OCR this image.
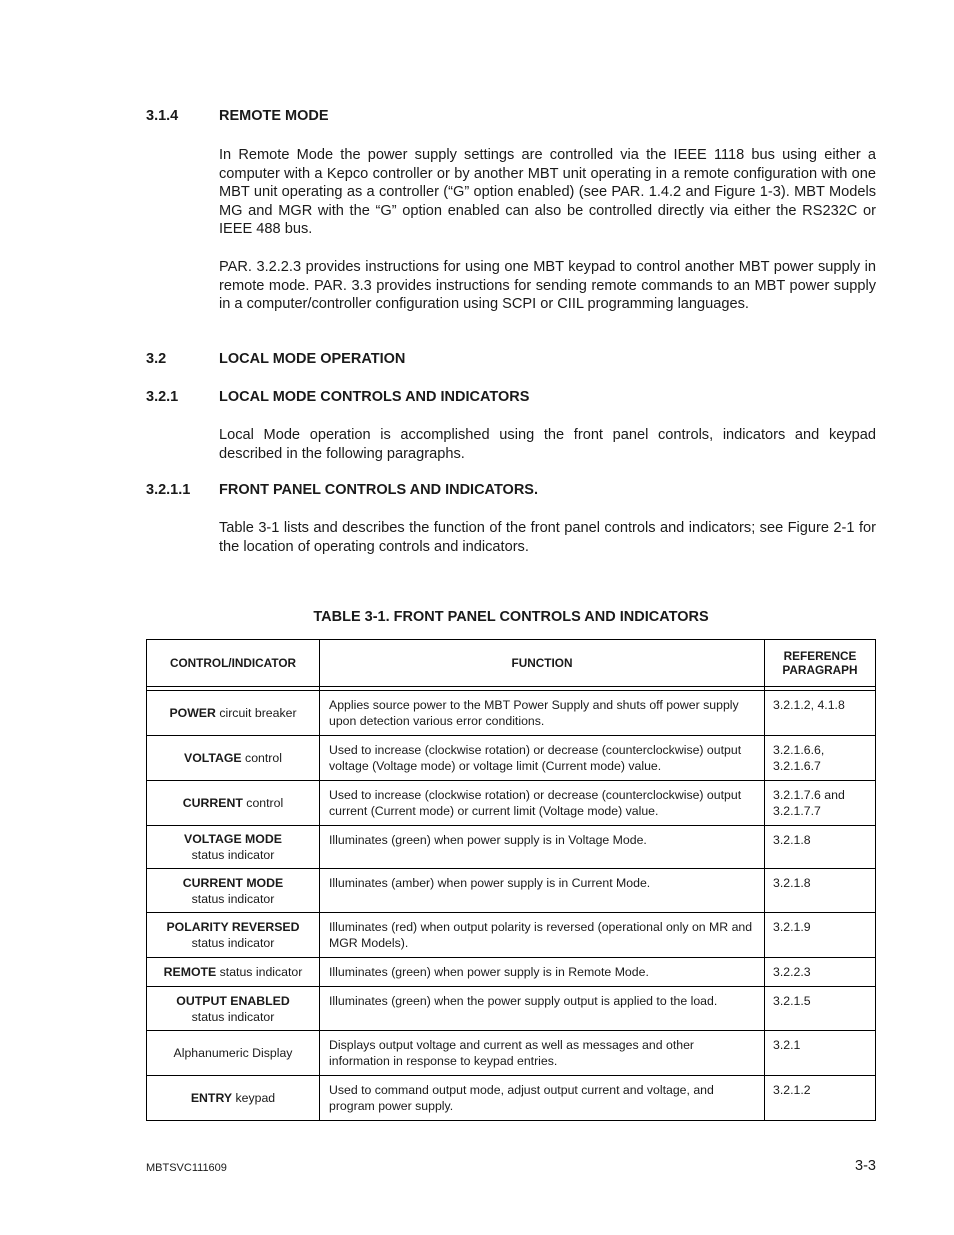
3.1.4	REMOTE MODE

In Remote Mode the power supply settings are controlled via the IEEE 1118 bus using either a computer with a Kepco controller or by another MBT unit operating in a remote configuration with one MBT unit operating as a controller (“G” option enabled) (see PAR. 1.4.2 and Figure 1-3). MBT Models MG and MGR with the “G” option enabled can also be controlled directly via either the RS232C or IEEE 488 bus.

PAR. 3.2.2.3 provides instructions for using one MBT keypad to control another MBT power supply in remote mode. PAR. 3.3 provides instructions for sending remote commands to an MBT power supply in a computer/controller configuration using SCPI or CIIL programming languages.

3.2	LOCAL MODE OPERATION
3.2.1	LOCAL MODE CONTROLS AND INDICATORS

Local Mode operation is accomplished using the front panel controls, indicators and keypad described in the following paragraphs.

3.2.1.1 FRONT PANEL CONTROLS AND INDICATORS.

Table 3-1 lists and describes the function of the front panel controls and indicators; see Figure 2-1 for the location of operating controls and indicators.

TABLE 3-1. FRONT PANEL CONTROLS AND INDICATORS
CONTROL/INDICATOR	FUNCTION	REFERENCE
PARAGRAPH

POWER circuit breaker	Applies source power to the MBT Power Supply and shuts off power supply upon detection various error conditions.	3.2.1.2, 4.1.8
VOLTAGE control	Used to increase (clockwise rotation) or decrease (counterclockwise) output voltage (Voltage mode) or voltage limit (Current mode) value.	3.2.1.6.6, 3.2.1.6.7
CURRENT control	Used to increase (clockwise rotation) or decrease (counterclockwise) output current (Current mode) or current limit (Voltage mode) value.	3.2.1.7.6 and 3.2.1.7.7
VOLTAGE MODE
status indicator	Illuminates (green) when power supply is in Voltage Mode.	3.2.1.8
CURRENT MODE
status indicator	Illuminates (amber) when power supply is in Current Mode.	3.2.1.8
POLARITY REVERSED
status indicator	Illuminates (red) when output polarity is reversed (operational only on MR and MGR Models).	3.2.1.9
REMOTE status indicator	Illuminates (green) when power supply is in Remote Mode.	3.2.2.3
OUTPUT ENABLED
status indicator	Illuminates (green) when the power supply output is applied to the load.	3.2.1.5
Alphanumeric Display	Displays output voltage and current as well as messages and other information in response to keypad entries.	3.2.1
ENTRY keypad	Used to command output mode, adjust output current and voltage, and program power supply.	3.2.1.2
MBTSVC111609	3-3
